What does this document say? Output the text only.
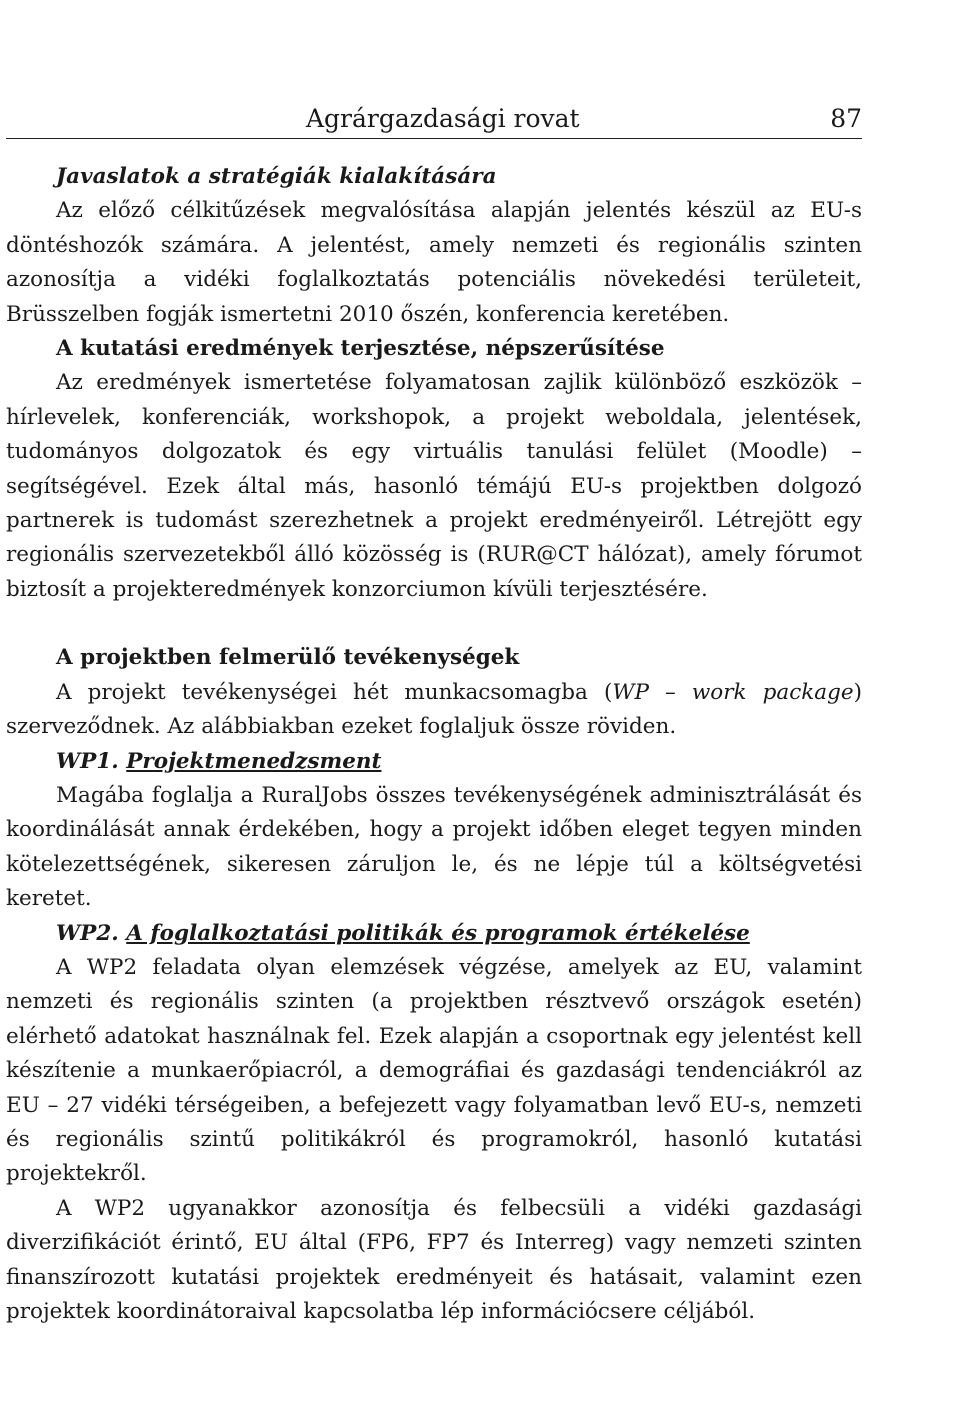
Agrárgazdasági rovat	87

Javaslatok a stratégiák kialakítására

Az előző célkitűzések megvalósítása alapján jelentés készül az EU-s döntéshozók számára. A jelentést, amely nemzeti és regionális szinten azonosítja a vidéki foglalkoztatás potenciális növekedési területeit, Brüsszelben fogják ismertetni 2010 őszén, konferencia keretében.

A kutatási eredmények terjesztése, népszerűsítése

Az eredmények ismertetése folyamatosan zajlik különböző eszközök – hírlevelek, konferenciák, workshopok, a projekt weboldala, jelentések, tudományos dolgozatok és egy virtuális tanulási felület (Moodle) – segítségével. Ezek által más, hasonló témájú EU-s projektben dolgozó partnerek is tudomást szerezhetnek a projekt eredményeiről. Létrejött egy regionális szervezetekből álló közösség is (RUR@CT hálózat), amely fórumot biztosít a projekteredmények konzorciumon kívüli terjesztésére.

A projektben felmerülő tevékenységek

A projekt tevékenységei hét munkacsomagba (WP – work package) szerveződnek. Az alábbiakban ezeket foglaljuk össze röviden.

WP1. Projektmenedzsment

Magába foglalja a RuralJobs összes tevékenységének adminisztrálását és koordinálását annak érdekében, hogy a projekt időben eleget tegyen minden kötelezettségének, sikeresen záruljon le, és ne lépje túl a költségvetési keretet.

WP2. A foglalkoztatási politikák és programok értékelése

A WP2 feladata olyan elemzések végzése, amelyek az EU, valamint nemzeti és regionális szinten (a projektben résztvevő országok esetén) elérhető adatokat használnak fel. Ezek alapján a csoportnak egy jelentést kell készítenie a munkaerőpiacról, a demográfiai és gazdasági tendenciákról az EU – 27 vidéki térségeiben, a befejezett vagy folyamatban levő EU-s, nemzeti és regionális szintű politikákról és programokról, hasonló kutatási projektekről.

A WP2 ugyanakkor azonosítja és felbecsüli a vidéki gazdasági diverzifikációt érintő, EU által (FP6, FP7 és Interreg) vagy nemzeti szinten finanszírozott kutatási projektek eredményeit és hatásait, valamint ezen projektek koordinátoraival kapcsolatba lép információcsere céljából.
